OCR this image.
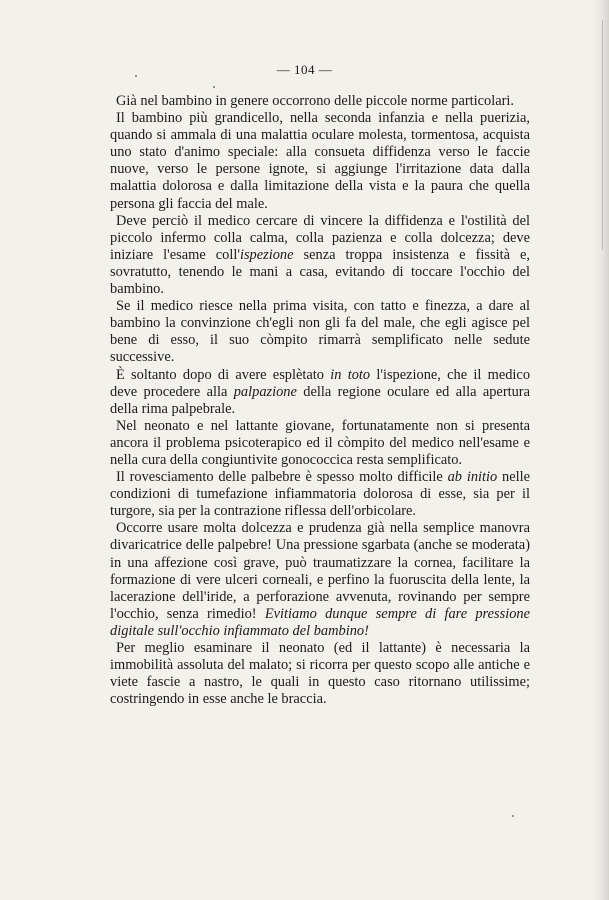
— 104 —

Già nel bambino in genere occorrono delle piccole norme particolari.

Il bambino più grandicello, nella seconda infanzia e nella puerizia, quando si ammala di una malattia oculare molesta, tormentosa, acquista uno stato d'animo speciale: alla consueta diffidenza verso le faccie nuove, verso le persone ignote, si aggiunge l'irritazione data dalla malattia dolorosa e dalla limitazione della vista e la paura che quella persona gli faccia del male.

Deve perciò il medico cercare di vincere la diffidenza e l'ostilità del piccolo infermo colla calma, colla pazienza e colla dolcezza; deve iniziare l'esame coll'ispezione senza troppa insistenza e fissità e, sovratutto, tenendo le mani a casa, evitando di toccare l'occhio del bambino.

Se il medico riesce nella prima visita, con tatto e finezza, a dare al bambino la convinzione ch'egli non gli fa del male, che egli agisce pel bene di esso, il suo còmpito rimarrà semplificato nelle sedute successive.

È soltanto dopo di avere esplètato in toto l'ispezione, che il medico deve procedere alla palpazione della regione oculare ed alla apertura della rima palpebrale.

Nel neonato e nel lattante giovane, fortunatamente non si presenta ancora il problema psicoterapico ed il còmpito del medico nell'esame e nella cura della congiuntivite gonococcica resta semplificato.

Il rovesciamento delle palbebre è spesso molto difficile ab initio nelle condizioni di tumefazione infiammatoria dolorosa di esse, sia per il turgore, sia per la contrazione riflessa dell'orbicolare.

Occorre usare molta dolcezza e prudenza già nella semplice manovra divaricatrice delle palpebre! Una pressione sgarbata (anche se moderata) in una affezione così grave, può traumatizzare la cornea, facilitare la formazione di vere ulceri corneali, e perfino la fuoruscita della lente, la lacerazione dell'iride, a perforazione avvenuta, rovinando per sempre l'occhio, senza rimedio! Evitiamo dunque sempre di fare pressione digitale sull'occhio infiammato del bambino!

Per meglio esaminare il neonato (ed il lattante) è necessaria la immobilità assoluta del malato; si ricorra per questo scopo alle antiche e viete fascie a nastro, le quali in questo caso ritornano utilissime; costringendo in esse anche le braccia.
